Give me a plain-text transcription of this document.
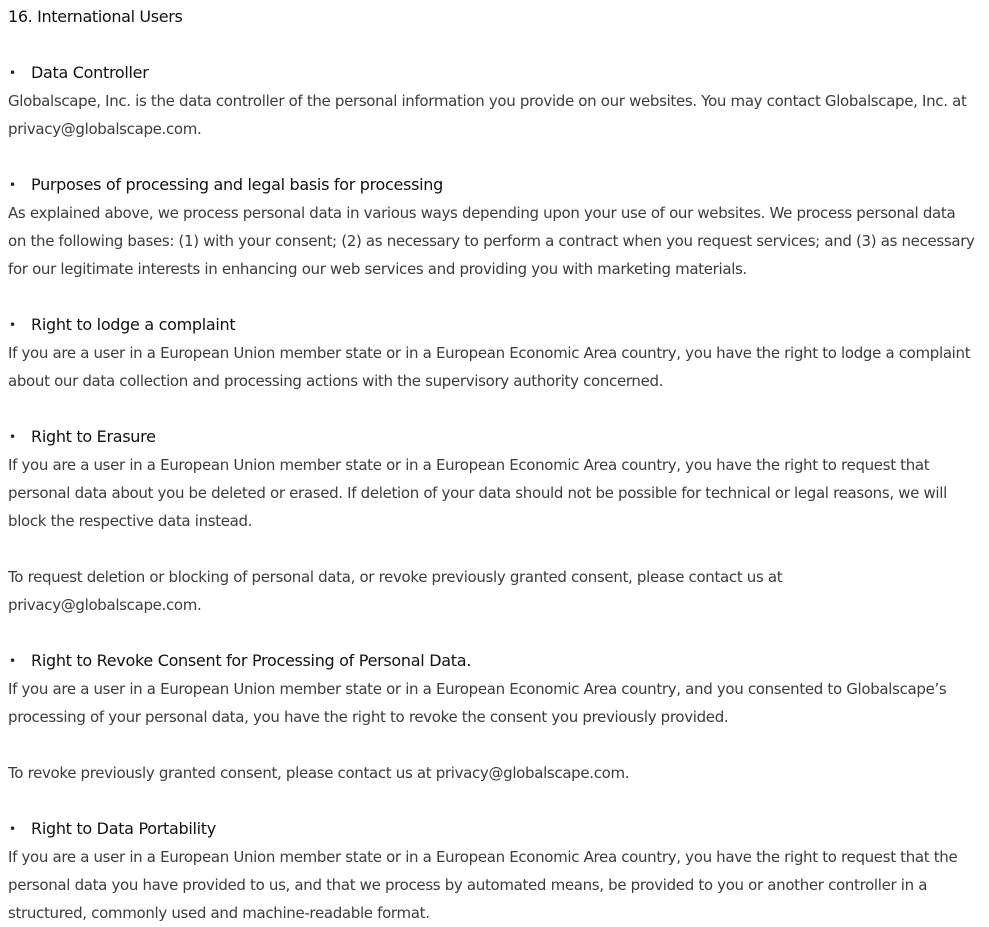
16. International Users
• Data Controller

Globalscape, Inc. is the data controller of the personal information you provide on our websites. You may contact Globalscape, Inc. at privacy@globalscape.com.

• Purposes of processing and legal basis for processing

As explained above, we process personal data in various ways depending upon your use of our websites. We process personal data on the following bases: (1) with your consent; (2) as necessary to perform a contract when you request services; and (3) as necessary for our legitimate interests in enhancing our web services and providing you with marketing materials.

• Right to lodge a complaint

If you are a user in a European Union member state or in a European Economic Area country, you have the right to lodge a complaint about our data collection and processing actions with the supervisory authority concerned.

• Right to Erasure

If you are a user in a European Union member state or in a European Economic Area country, you have the right to request that personal data about you be deleted or erased. If deletion of your data should not be possible for technical or legal reasons, we will block the respective data instead.

To request deletion or blocking of personal data, or revoke previously granted consent, please contact us at privacy@globalscape.com.

• Right to Revoke Consent for Processing of Personal Data.

If you are a user in a European Union member state or in a European Economic Area country, and you consented to Globalscape’s processing of your personal data, you have the right to revoke the consent you previously provided.

To revoke previously granted consent, please contact us at privacy@globalscape.com.

• Right to Data Portability

If you are a user in a European Union member state or in a European Economic Area country, you have the right to request that the personal data you have provided to us, and that we process by automated means, be provided to you or another controller in a structured, commonly used and machine-readable format.
